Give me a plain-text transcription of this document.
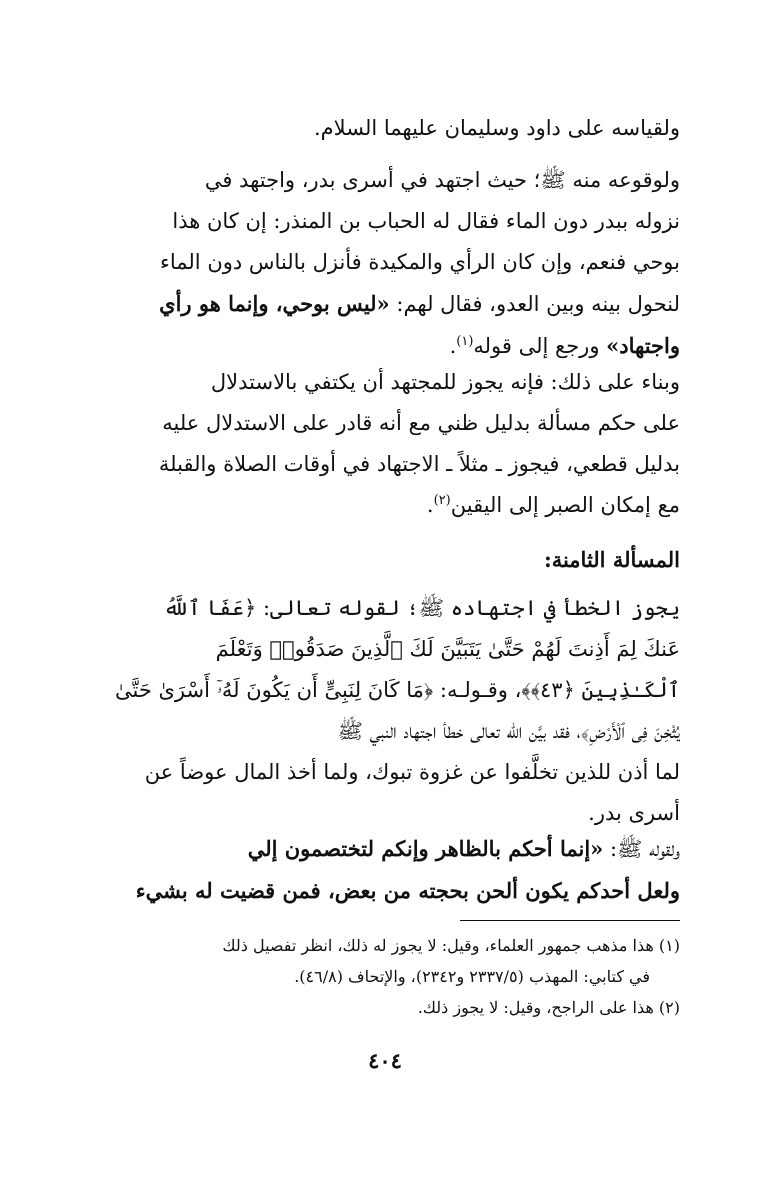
ولقياسه على داود وسليمان عليهما السلام.
ولوقوعه منه ﷺ؛ حيث اجتهد في أسرى بدر، واجتهد في
نزوله ببدر دون الماء فقال له الحباب بن المنذر: إن كان هذا
بوحي فنعم، وإن كان الرأي والمكيدة فأنزل بالناس دون الماء
لنحول بينه وبين العدو، فقال لهم: «ليس بوحي، وإنما هو رأي
واجتهاد» ورجع إلى قوله$^{(١)}$.
وبناء على ذلك: فإنه يجوز للمجتهد أن يكتفي بالاستدلال
على حكم مسألة بدليل ظني مع أنه قادر على الاستدلال عليه
بدليل قطعي، فيجوز ـ مثلاً ـ الاجتهاد في أوقات الصلاة والقبلة
مع إمكان الصبر إلى اليقين$^{(٢)}$.
المسألة الثامنة:
يجوز الخطأ في اجتهاده ﷺ؛ لقوله تعالى: ﴿عَفَا ٱللَّهُ
عَنكَ لِمَ أَذِنتَ لَهُمْ حَتَّىٰ يَتَبَيَّنَ لَكَ ٱلَّذِينَ صَدَقُوا۟ وَتَعْلَمَ
ٱلْكَـٰذِبِينَ ﴿٤٣﴾﴾، وقـولـه: ﴿مَا كَانَ لِنَبِىٍّ أَن يَكُونَ لَهُۥٓ أَسْرَىٰ حَتَّىٰ
يُثْخِنَ فِى ٱلْأَرْضِ﴾، فقد بيَّن الله تعالى خطأ اجتهاد النبي ﷺ
لما أذن للذين تخلَّفوا عن غزوة تبوك، ولما أخذ المال عوضاً عن
أسرى بدر.
ولقوله ﷺ: «إنما أحكم بالظاهر وإنكم لتختصمون إلي
ولعل أحدكم يكون ألحن بحجته من بعض، فمن قضيت له بشيء
(١) هذا مذهب جمهور العلماء، وقيل: لا يجوز له ذلك، انظر تفصيل ذلك
في كتابي: المهذب (٢٣٣٧/٥ و٢٣٤٢)، والإتحاف (٤٦/٨).
(٢) هذا على الراجح، وقيل: لا يجوز ذلك.
٤٠٤
